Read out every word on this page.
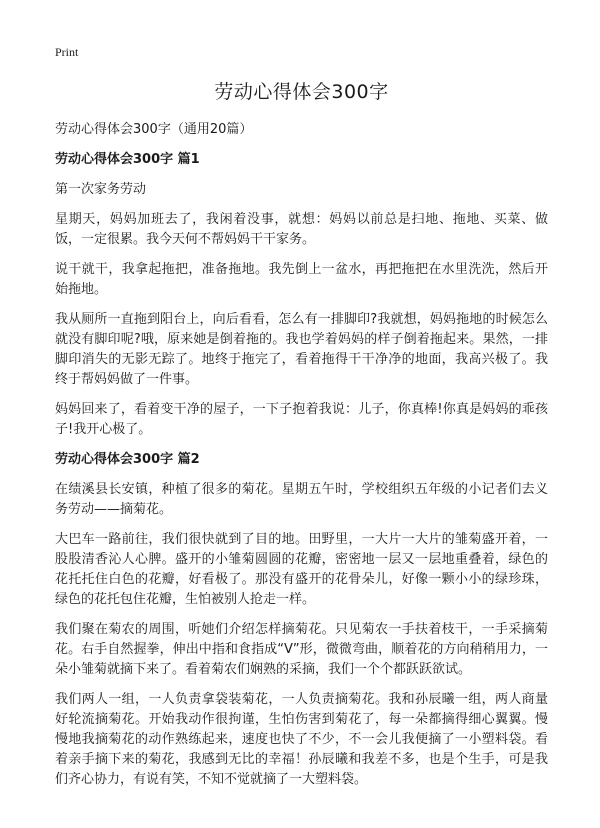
Print
劳动心得体会300字

劳动心得体会300字（通用20篇）

劳动心得体会300字 篇1

第一次家务劳动

星期天，妈妈加班去了，我闲着没事，就想：妈妈以前总是扫地、拖地、买菜、做饭，一定很累。我今天何不帮妈妈干干家务。

说干就干，我拿起拖把，准备拖地。我先倒上一盆水，再把拖把在水里洗洗，然后开始拖地。

我从厕所一直拖到阳台上，向后看看，怎么有一排脚印?我就想，妈妈拖地的时候怎么就没有脚印呢?哦，原来她是倒着拖的。我也学着妈妈的样子倒着拖起来。果然，一排脚印消失的无影无踪了。地终于拖完了，看着拖得干干净净的地面，我高兴极了。我终于帮妈妈做了一件事。

妈妈回来了，看着变干净的屋子，一下子抱着我说：儿子，你真棒!你真是妈妈的乖孩子!我开心极了。

劳动心得体会300字 篇2

在绩溪县长安镇，种植了很多的菊花。星期五午时，学校组织五年级的小记者们去义务劳动——摘菊花。

大巴车一路前往，我们很快就到了目的地。田野里，一大片一大片的雏菊盛开着，一股股清香沁人心脾。盛开的小雏菊圆圆的花瓣，密密地一层又一层地重叠着，绿色的花托托住白色的花瓣，好看极了。那没有盛开的花骨朵儿，好像一颗小小的绿珍珠，绿色的花托包住花瓣，生怕被别人抢走一样。

我们聚在菊农的周围，听她们介绍怎样摘菊花。只见菊农一手扶着枝干，一手采摘菊花。右手自然握拳，伸出中指和食指成“V”形，微微弯曲，顺着花的方向稍稍用力，一朵小雏菊就摘下来了。看着菊农们娴熟的采摘，我们一个个都跃跃欲试。

我们两人一组，一人负责拿袋装菊花，一人负责摘菊花。我和孙辰曦一组，两人商量好轮流摘菊花。开始我动作很拘谨，生怕伤害到菊花了，每一朵都摘得细心翼翼。慢慢地我摘菊花的动作熟练起来，速度也快了不少，不一会儿我便摘了一小塑料袋。看着亲手摘下来的菊花，我感到无比的幸福！孙辰曦和我差不多，也是个生手，可是我们齐心协力，有说有笑，不知不觉就摘了一大塑料袋。
